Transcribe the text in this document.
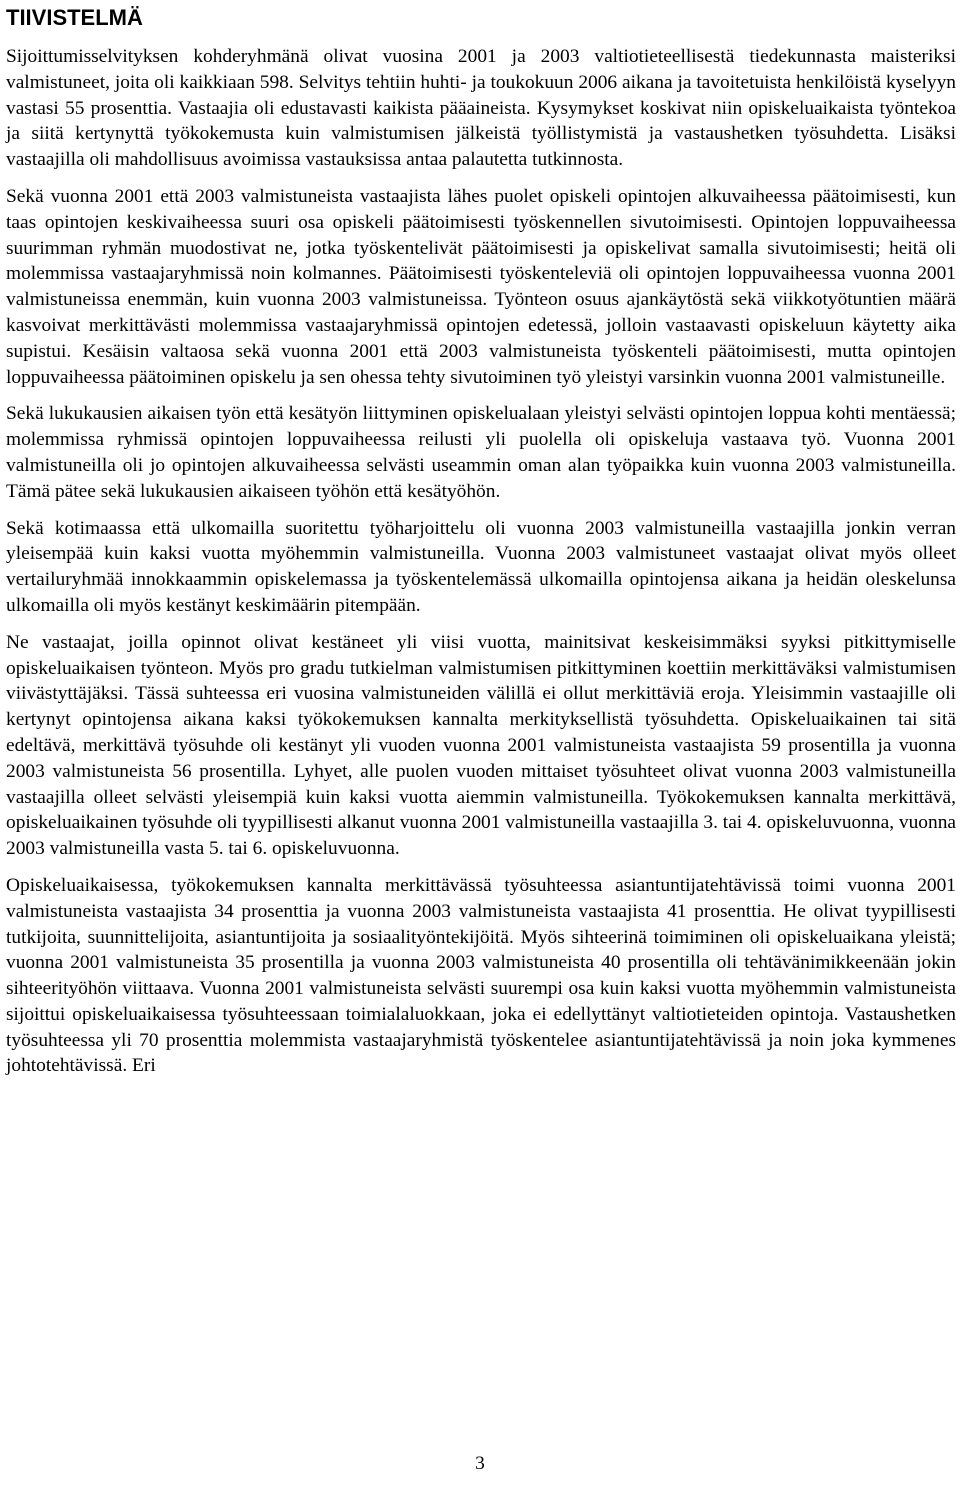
TIIVISTELMÄ

Sijoittumisselvityksen kohderyhmänä olivat vuosina 2001 ja 2003 valtiotieteellisestä tiedekunnasta maisteriksi valmistuneet, joita oli kaikkiaan 598. Selvitys tehtiin huhti- ja toukokuun 2006 aikana ja tavoitetuista henkilöistä kyselyyn vastasi 55 prosenttia. Vastaajia oli edustavasti kaikista pääaineista. Kysymykset koskivat niin opiskeluaikaista työntekoa ja siitä kertynyttä työkokemusta kuin valmistumisen jälkeistä työllistymistä ja vastaushetken työsuhdetta. Lisäksi vastaajilla oli mahdollisuus avoimissa vastauksissa antaa palautetta tutkinnosta.

Sekä vuonna 2001 että 2003 valmistuneista vastaajista lähes puolet opiskeli opintojen alkuvaiheessa päätoimisesti, kun taas opintojen keskivaiheessa suuri osa opiskeli päätoimisesti työskennellen sivutoimisesti. Opintojen loppuvaiheessa suurimman ryhmän muodostivat ne, jotka työskentelivät päätoimisesti ja opiskelivat samalla sivutoimisesti; heitä oli molemmissa vastaajaryhmissä noin kolmannes. Päätoimisesti työskenteleviä oli opintojen loppuvaiheessa vuonna 2001 valmistuneissa enemmän, kuin vuonna 2003 valmistuneissa. Työnteon osuus ajankäytöstä sekä viikkotyötuntien määrä kasvoivat merkittävästi molemmissa vastaajaryhmissä opintojen edetessä, jolloin vastaavasti opiskeluun käytetty aika supistui. Kesäisin valtaosa sekä vuonna 2001 että 2003 valmistuneista työskenteli päätoimisesti, mutta opintojen loppuvaiheessa päätoiminen opiskelu ja sen ohessa tehty sivutoiminen työ yleistyi varsinkin vuonna 2001 valmistuneille.

Sekä lukukausien aikaisen työn että kesätyön liittyminen opiskelualaan yleistyi selvästi opintojen loppua kohti mentäessä; molemmissa ryhmissä opintojen loppuvaiheessa reilusti yli puolella oli opiskeluja vastaava työ. Vuonna 2001 valmistuneilla oli jo opintojen alkuvaiheessa selvästi useammin oman alan työpaikka kuin vuonna 2003 valmistuneilla. Tämä pätee sekä lukukausien aikaiseen työhön että kesätyöhön.

Sekä kotimaassa että ulkomailla suoritettu työharjoittelu oli vuonna 2003 valmistuneilla vastaajilla jonkin verran yleisempää kuin kaksi vuotta myöhemmin valmistuneilla. Vuonna 2003 valmistuneet vastaajat olivat myös olleet vertailuryhmää innokkaammin opiskelemassa ja työskentelemässä ulkomailla opintojensa aikana ja heidän oleskelunsa ulkomailla oli myös kestänyt keskimäärin pitempään.

Ne vastaajat, joilla opinnot olivat kestäneet yli viisi vuotta, mainitsivat keskeisimmäksi syyksi pitkittymiselle opiskeluaikaisen työnteon. Myös pro gradu tutkielman valmistumisen pitkittyminen koettiin merkittäväksi valmistumisen viivästyttäjäksi. Tässä suhteessa eri vuosina valmistuneiden välillä ei ollut merkittäviä eroja. Yleisimmin vastaajille oli kertynyt opintojensa aikana kaksi työkokemuksen kannalta merkityksellistä työsuhdetta. Opiskeluaikainen tai sitä edeltävä, merkittävä työsuhde oli kestänyt yli vuoden vuonna 2001 valmistuneista vastaajista 59 prosentilla ja vuonna 2003 valmistuneista 56 prosentilla. Lyhyet, alle puolen vuoden mittaiset työsuhteet olivat vuonna 2003 valmistuneilla vastaajilla olleet selvästi yleisempiä kuin kaksi vuotta aiemmin valmistuneilla. Työkokemuksen kannalta merkittävä, opiskeluaikainen työsuhde oli tyypillisesti alkanut vuonna 2001 valmistuneilla vastaajilla 3. tai 4. opiskeluvuonna, vuonna 2003 valmistuneilla vasta 5. tai 6. opiskeluvuonna.

Opiskeluaikaisessa, työkokemuksen kannalta merkittävässä työsuhteessa asiantuntijatehtävissä toimi vuonna 2001 valmistuneista vastaajista 34 prosenttia ja vuonna 2003 valmistuneista vastaajista 41 prosenttia. He olivat tyypillisesti tutkijoita, suunnittelijoita, asiantuntijoita ja sosiaalityöntekijöitä. Myös sihteerinä toimiminen oli opiskeluaikana yleistä; vuonna 2001 valmistuneista 35 prosentilla ja vuonna 2003 valmistuneista 40 prosentilla oli tehtävänimikkeenään jokin sihteerityöhön viittaava. Vuonna 2001 valmistuneista selvästi suurempi osa kuin kaksi vuotta myöhemmin valmistuneista sijoittui opiskeluaikaisessa työsuhteessaan toimialaluokkaan, joka ei edellyttänyt valtiotieteiden opintoja. Vastaushetken työsuhteessa yli 70 prosenttia molemmista vastaajaryhmistä työskentelee asiantuntijatehtävissä ja noin joka kymmenes johtotehtävissä. Eri

3
